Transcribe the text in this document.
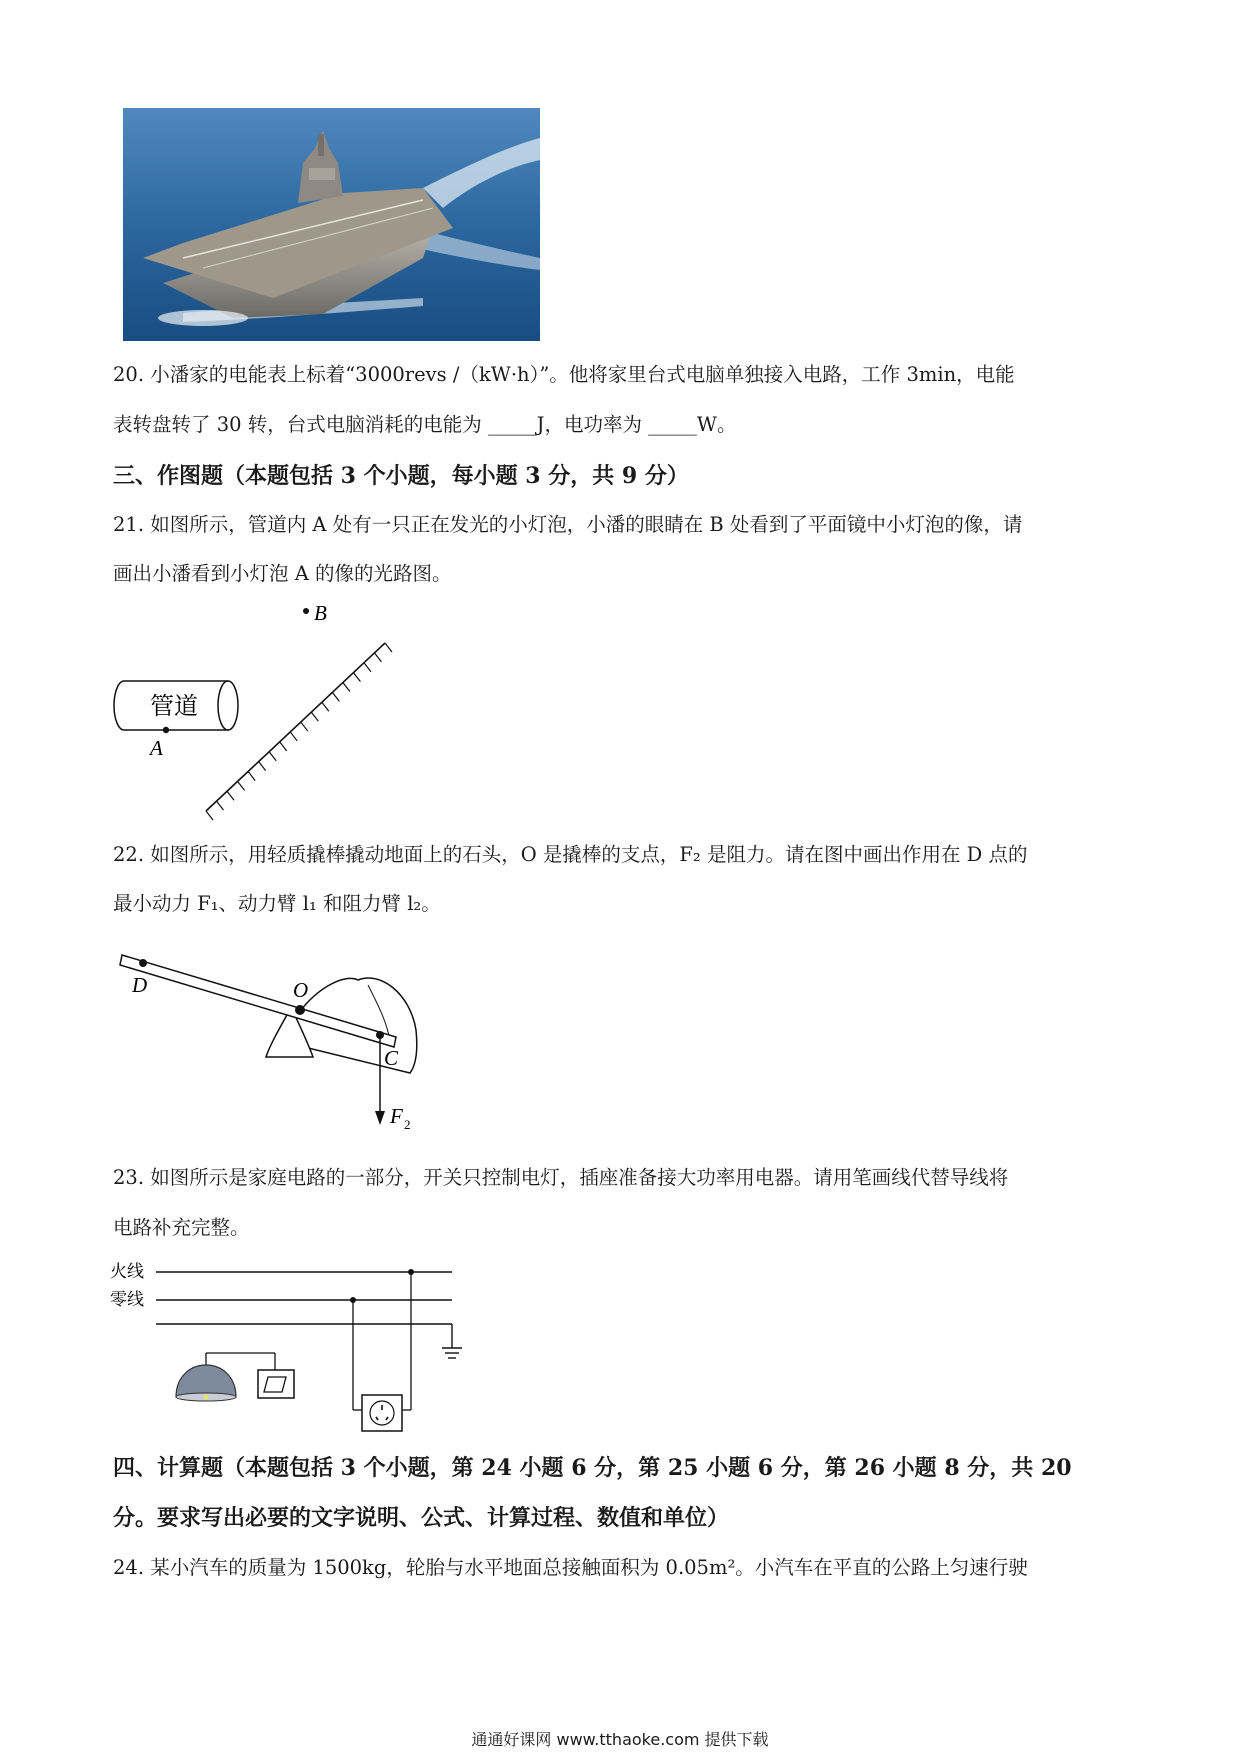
20. 小潘家的电能表上标着“3000revs /（kW·h）”。他将家里台式电脑单独接入电路，工作 3min，电能
表转盘转了 30 转，台式电脑消耗的电能为 _____J，电功率为 _____W。
三、作图题（本题包括 3 个小题，每小题 3 分，共 9 分）
21. 如图所示，管道内 A 处有一只正在发光的小灯泡，小潘的眼睛在 B 处看到了平面镜中小灯泡的像，请
画出小潘看到小灯泡 A 的像的光路图。
B
管道
A
22. 如图所示，用轻质撬棒撬动地面上的石头，O 是撬棒的支点，F₂ 是阻力。请在图中画出作用在 D 点的
最小动力 F₁、动力臂 l₁ 和阻力臂 l₂。
D	O
C
F 2
23. 如图所示是家庭电路的一部分，开关只控制电灯，插座准备接大功率用电器。请用笔画线代替导线将
电路补充完整。
火线
零线
四、计算题（本题包括 3 个小题，第 24 小题 6 分，第 25 小题 6 分，第 26 小题 8 分，共 20
分。要求写出必要的文字说明、公式、计算过程、数值和单位）
24. 某小汽车的质量为 1500kg，轮胎与水平地面总接触面积为 0.05m²。小汽车在平直的公路上匀速行驶
通通好课网 www.tthaoke.com 提供下载
